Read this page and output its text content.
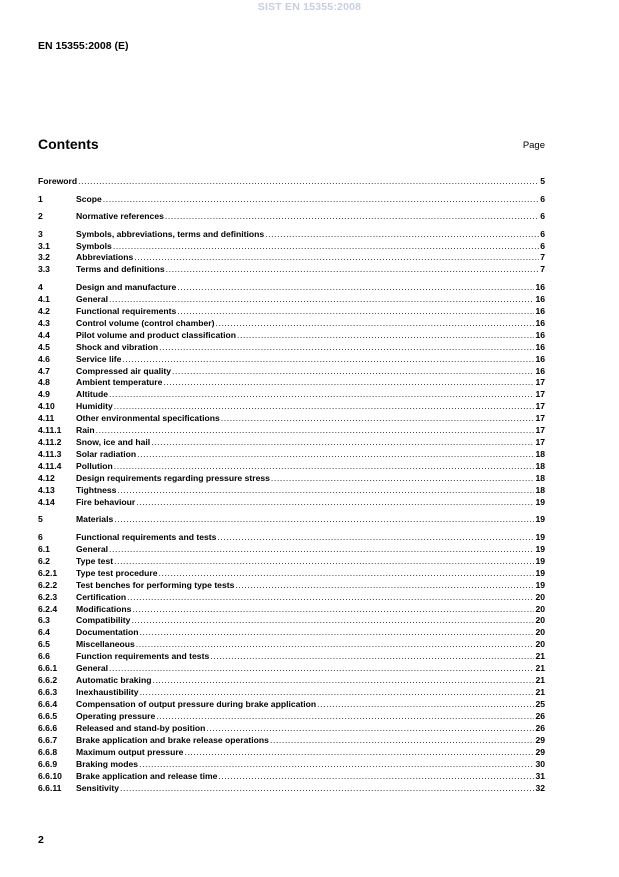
SIST EN 15355:2008
EN 15355:2008 (E)
Contents	Page
Foreword .....	5
1	Scope .....	6
2	Normative references .....	6
3	Symbols, abbreviations, terms and definitions .....	6
3.1	Symbols .....	6
3.2	Abbreviations .....	7
3.3	Terms and definitions .....	7
4	Design and manufacture .....	16
4.1	General .....	16
4.2	Functional requirements .....	16
4.3	Control volume (control chamber) .....	16
4.4	Pilot volume and product classification .....	16
4.5	Shock and vibration .....	16
4.6	Service life .....	16
4.7	Compressed air quality .....	16
4.8	Ambient temperature .....	17
4.9	Altitude .....	17
4.10	Humidity .....	17
4.11	Other environmental specifications .....	17
4.11.1	Rain .....	17
4.11.2	Snow, ice and hail .....	17
4.11.3	Solar radiation .....	18
4.11.4	Pollution .....	18
4.12	Design requirements regarding pressure stress .....	18
4.13	Tightness .....	18
4.14	Fire behaviour .....	19
5	Materials .....	19
6	Functional requirements and tests .....	19
6.1	General .....	19
6.2	Type test .....	19
6.2.1	Type test procedure .....	19
6.2.2	Test benches for performing type tests .....	19
6.2.3	Certification .....	20
6.2.4	Modifications .....	20
6.3	Compatibility .....	20
6.4	Documentation .....	20
6.5	Miscellaneous .....	20
6.6	Function requirements and tests .....	21
6.6.1	General .....	21
6.6.2	Automatic braking .....	21
6.6.3	Inexhaustibility .....	21
6.6.4	Compensation of output pressure during brake application .....	25
6.6.5	Operating pressure .....	26
6.6.6	Released and stand-by position .....	26
6.6.7	Brake application and brake release operations .....	29
6.6.8	Maximum output pressure .....	29
6.6.9	Braking modes .....	30
6.6.10	Brake application and release time .....	31
6.6.11	Sensitivity .....	32
2
